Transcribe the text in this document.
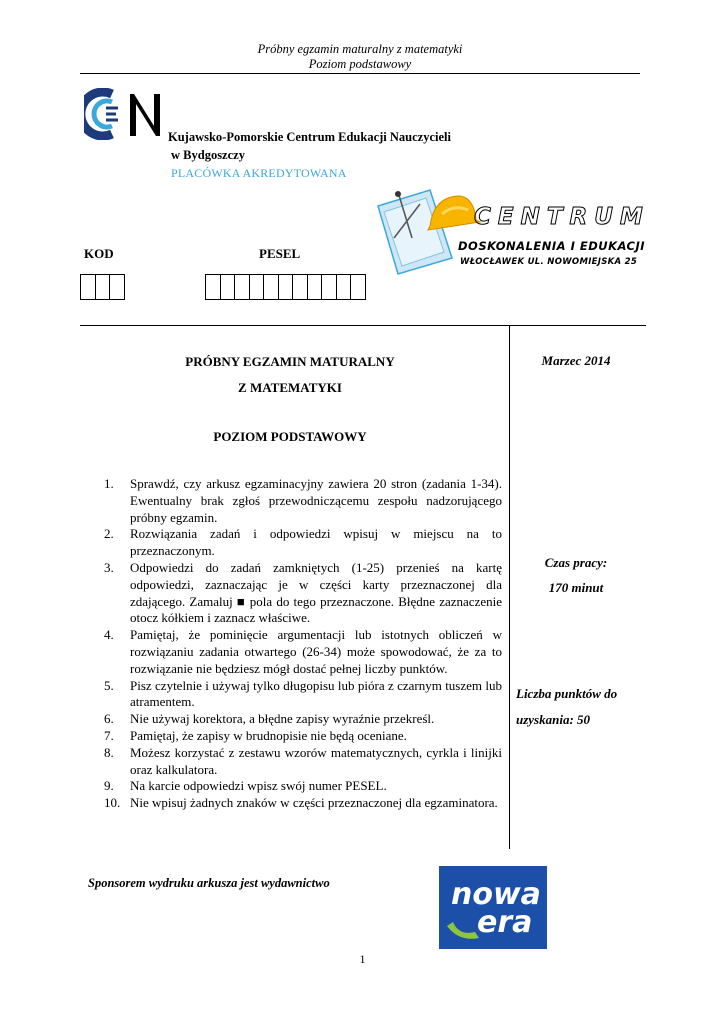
Próbny egzamin maturalny z matematyki
Poziom podstawowy
Kujawsko-Pomorskie Centrum Edukacji Nauczycieli
w Bydgoszczy
PLACÓWKA AKREDYTOWANA
CENTRUM
DOSKONALENIA I EDUKACJI
WŁOCŁAWEK UL. NOWOMIEJSKA 25
KOD	PESEL
PRÓBNY EGZAMIN MATURALNY
Z MATEMATYKI
POZIOM PODSTAWOWY
1.	Sprawdź, czy arkusz egzaminacyjny zawiera 20 stron (zadania 1-34). Ewentualny brak zgłoś przewodniczącemu zespołu nadzorującego próbny egzamin.
2.	Rozwiązania zadań i odpowiedzi wpisuj w miejscu na to przeznaczonym.
3.	Odpowiedzi do zadań zamkniętych (1-25) przenieś na kartę odpowiedzi, zaznaczając je w części karty przeznaczonej dla zdającego. Zamaluj ■ pola do tego przeznaczone. Błędne zaznaczenie otocz kółkiem i zaznacz właściwe.
4.	Pamiętaj, że pominięcie argumentacji lub istotnych obliczeń w rozwiązaniu zadania otwartego (26-34) może spowodować, że za to rozwiązanie nie będziesz mógł dostać pełnej liczby punktów.
5.	Pisz czytelnie i używaj tylko długopisu lub pióra z czarnym tuszem lub atramentem.
6.	Nie używaj korektora, a błędne zapisy wyraźnie przekreśl.
7.	Pamiętaj, że zapisy w brudnopisie nie będą oceniane.
8.	Możesz korzystać z zestawu wzorów matematycznych, cyrkla i linijki oraz kalkulatora.
9.	Na karcie odpowiedzi wpisz swój numer PESEL.
10. Nie wpisuj żadnych znaków w części przeznaczonej dla egzaminatora.
Marzec 2014
Czas pracy:
170 minut
Liczba punktów do
uzyskania: 50
Sponsorem wydruku arkusza jest wydawnictwo	nowa
era
1
